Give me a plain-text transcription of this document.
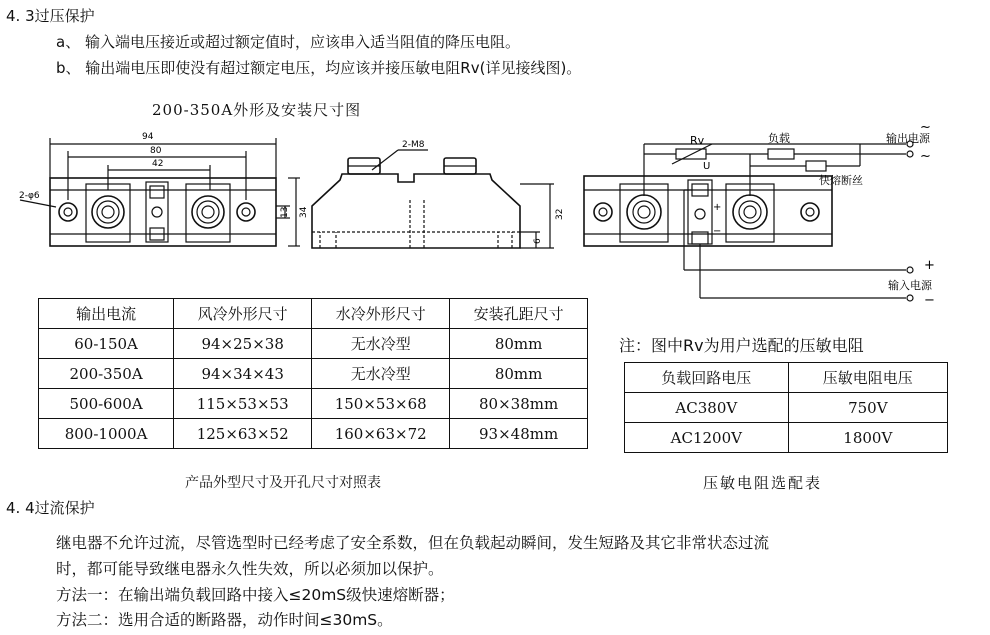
4. 3过压保护
a、 输入端电压接近或超过额定值时，应该串入适当阻值的降压电阻。
b、 输出端电压即使没有超过额定电压，均应该并接压敏电阻Rv(详见接线图)。
200-350A外形及安装尺寸图
94
80
42
2-φ6
13 34
2-M8
32
6
Rv
U
负载
快熔断丝
输出电源
~
~
输入电源
+
−
+
−
输出电流	风冷外形尺寸	水冷外形尺寸	安装孔距尺寸
60-150A	94×25×38	无水冷型	80mm
200-350A	94×34×43	无水冷型	80mm
500-600A	115×53×53	150×53×68	80×38mm
800-1000A	125×63×52	160×63×72	93×48mm
产品外型尺寸及开孔尺寸对照表
注：图中Rv为用户选配的压敏电阻
负载回路电压	压敏电阻电压
AC380V	750V
AC1200V	1800V
压敏电阻选配表
4. 4过流保护
继电器不允许过流，尽管选型时已经考虑了安全系数，但在负载起动瞬间，发生短路及其它非常状态过流
时，都可能导致继电器永久性失效，所以必须加以保护。
方法一：在输出端负载回路中接入≤20mS级快速熔断器；
方法二：选用合适的断路器，动作时间≤30mS。
